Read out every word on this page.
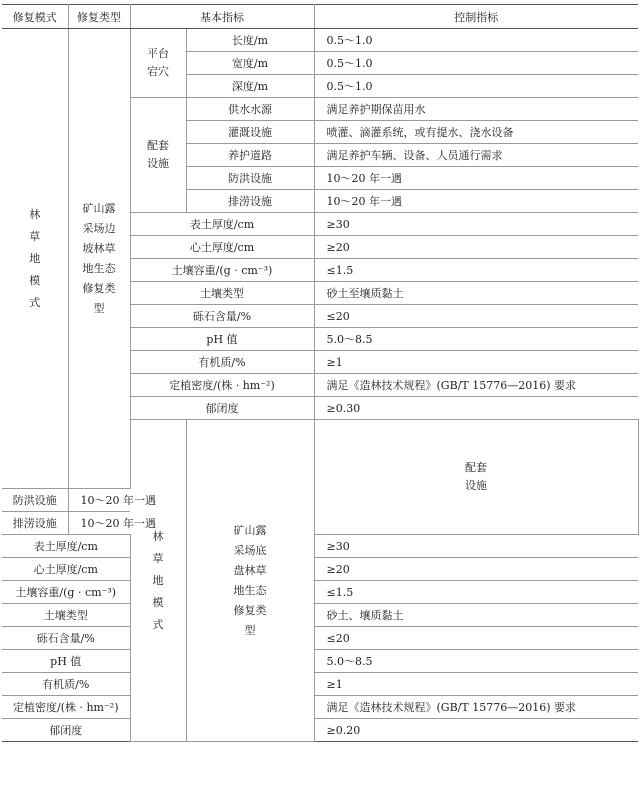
修复模式	修复类型	基本指标		控制指标	

林草地模式	矿山露采场边坡林草地生态修复类型	平台宕穴	长度/m	0.5～1.0	
			宽度/m	0.5～1.0	
			深度/m	0.5～1.0	

		配套设施	供水水源	满足养护期保苗用水	
			灌溉设施	喷灌、滴灌系统，或有提水、浇水设备	
			养护道路	满足养护车辆、设备、人员通行需求	
			防洪设施	10～20 年一遇	
			排涝设施	10～20 年一遇	
		表土厚度/cm		≥30	
		心土厚度/cm		≥20	
		土壤容重/(g · cm⁻³)		≤1.5	
		土壤类型		砂土至壤质黏土	
		砾石含量/%		≤20	
		pH 值		5.0～8.5	
		有机质/%		≥1	
		定植密度/(株 · hm⁻²)		满足《造林技术规程》(GB/T 15776—2016) 要求	
		郁闭度		≥0.30	

		林草地模式	矿山露采场底盘林草地生态修复类型	配套设施

防洪设施	10～20 年一遇				
排涝设施	10～20 年一遇				
表土厚度/cm				≥30	
心土厚度/cm				≥20	
土壤容重/(g · cm⁻³)				≤1.5	
土壤类型				砂土、壤质黏土	
砾石含量/%				≤20	
pH 值				5.0～8.5	
有机质/%				≥1	
定植密度/(株 · hm⁻²)				满足《造林技术规程》(GB/T 15776—2016) 要求	
郁闭度				≥0.20	
